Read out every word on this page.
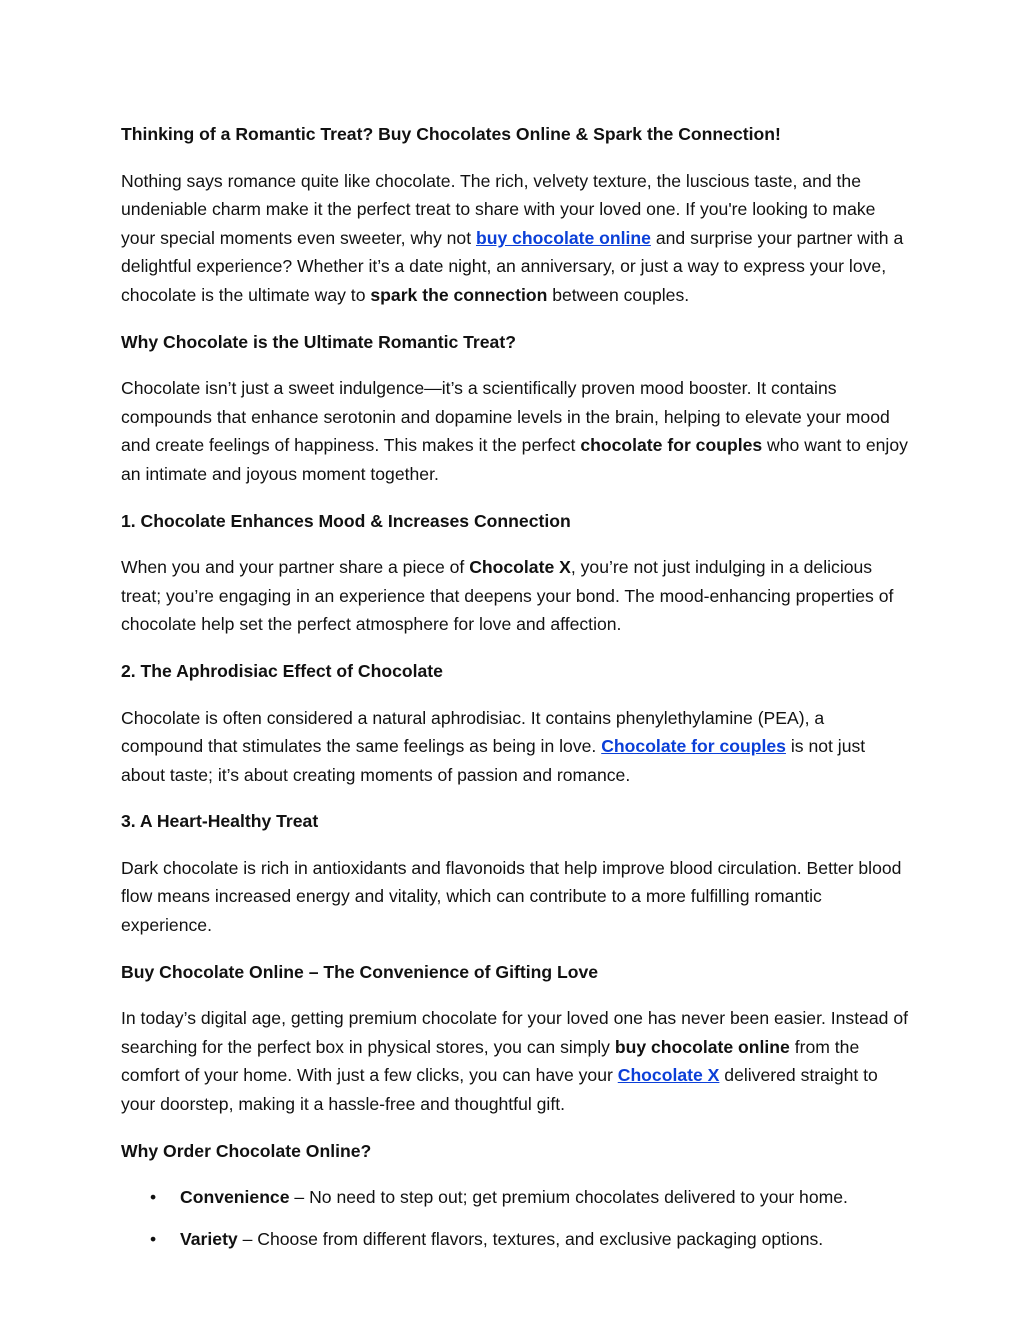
Thinking of a Romantic Treat? Buy Chocolates Online & Spark the Connection!

Nothing says romance quite like chocolate. The rich, velvety texture, the luscious taste, and the undeniable charm make it the perfect treat to share with your loved one. If you're looking to make your special moments even sweeter, why not buy chocolate online and surprise your partner with a delightful experience? Whether it’s a date night, an anniversary, or just a way to express your love, chocolate is the ultimate way to spark the connection between couples.

Why Chocolate is the Ultimate Romantic Treat?

Chocolate isn’t just a sweet indulgence—it’s a scientifically proven mood booster. It contains compounds that enhance serotonin and dopamine levels in the brain, helping to elevate your mood and create feelings of happiness. This makes it the perfect chocolate for couples who want to enjoy an intimate and joyous moment together.

1. Chocolate Enhances Mood & Increases Connection

When you and your partner share a piece of Chocolate X, you’re not just indulging in a delicious treat; you’re engaging in an experience that deepens your bond. The mood-enhancing properties of chocolate help set the perfect atmosphere for love and affection.

2. The Aphrodisiac Effect of Chocolate

Chocolate is often considered a natural aphrodisiac. It contains phenylethylamine (PEA), a compound that stimulates the same feelings as being in love. Chocolate for couples is not just about taste; it’s about creating moments of passion and romance.

3. A Heart-Healthy Treat

Dark chocolate is rich in antioxidants and flavonoids that help improve blood circulation. Better blood flow means increased energy and vitality, which can contribute to a more fulfilling romantic experience.

Buy Chocolate Online – The Convenience of Gifting Love

In today’s digital age, getting premium chocolate for your loved one has never been easier. Instead of searching for the perfect box in physical stores, you can simply buy chocolate online from the comfort of your home. With just a few clicks, you can have your Chocolate X delivered straight to your doorstep, making it a hassle-free and thoughtful gift.

Why Order Chocolate Online?
• Convenience – No need to step out; get premium chocolates delivered to your home.
• Variety – Choose from different flavors, textures, and exclusive packaging options.
